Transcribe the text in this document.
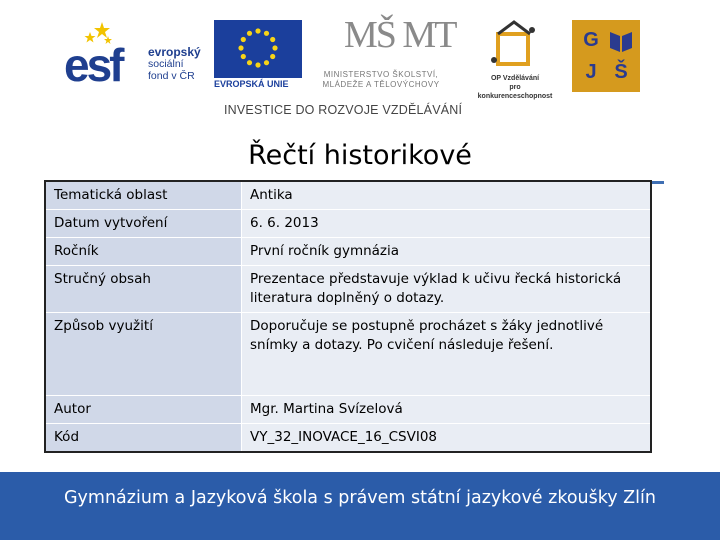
esf evropský
sociální
fond v ČR
EVROPSKÁ UNIE
MŠ MT
MINISTERSTVO ŠKOLSTVÍ,
MLÁDEŽE A TĚLOVÝCHOVY
OP Vzdělávání
pro konkurenceschopnost
G
J Š
INVESTICE DO ROZVOJE VZDĚLÁVÁNÍ
Řečtí historikové
Tematická oblast	Antika
Datum vytvoření	6. 6. 2013
Ročník	První ročník gymnázia
Stručný obsah	Prezentace představuje výklad k učivu řecká historická literatura doplněný o dotazy.
Způsob využití	Doporučuje se postupně procházet s žáky jednotlivé snímky a dotazy. Po cvičení následuje řešení.
Autor	Mgr. Martina Svízelová
Kód	VY_32_INOVACE_16_CSVI08
Gymnázium a Jazyková škola s právem státní jazykové zkoušky Zlín
